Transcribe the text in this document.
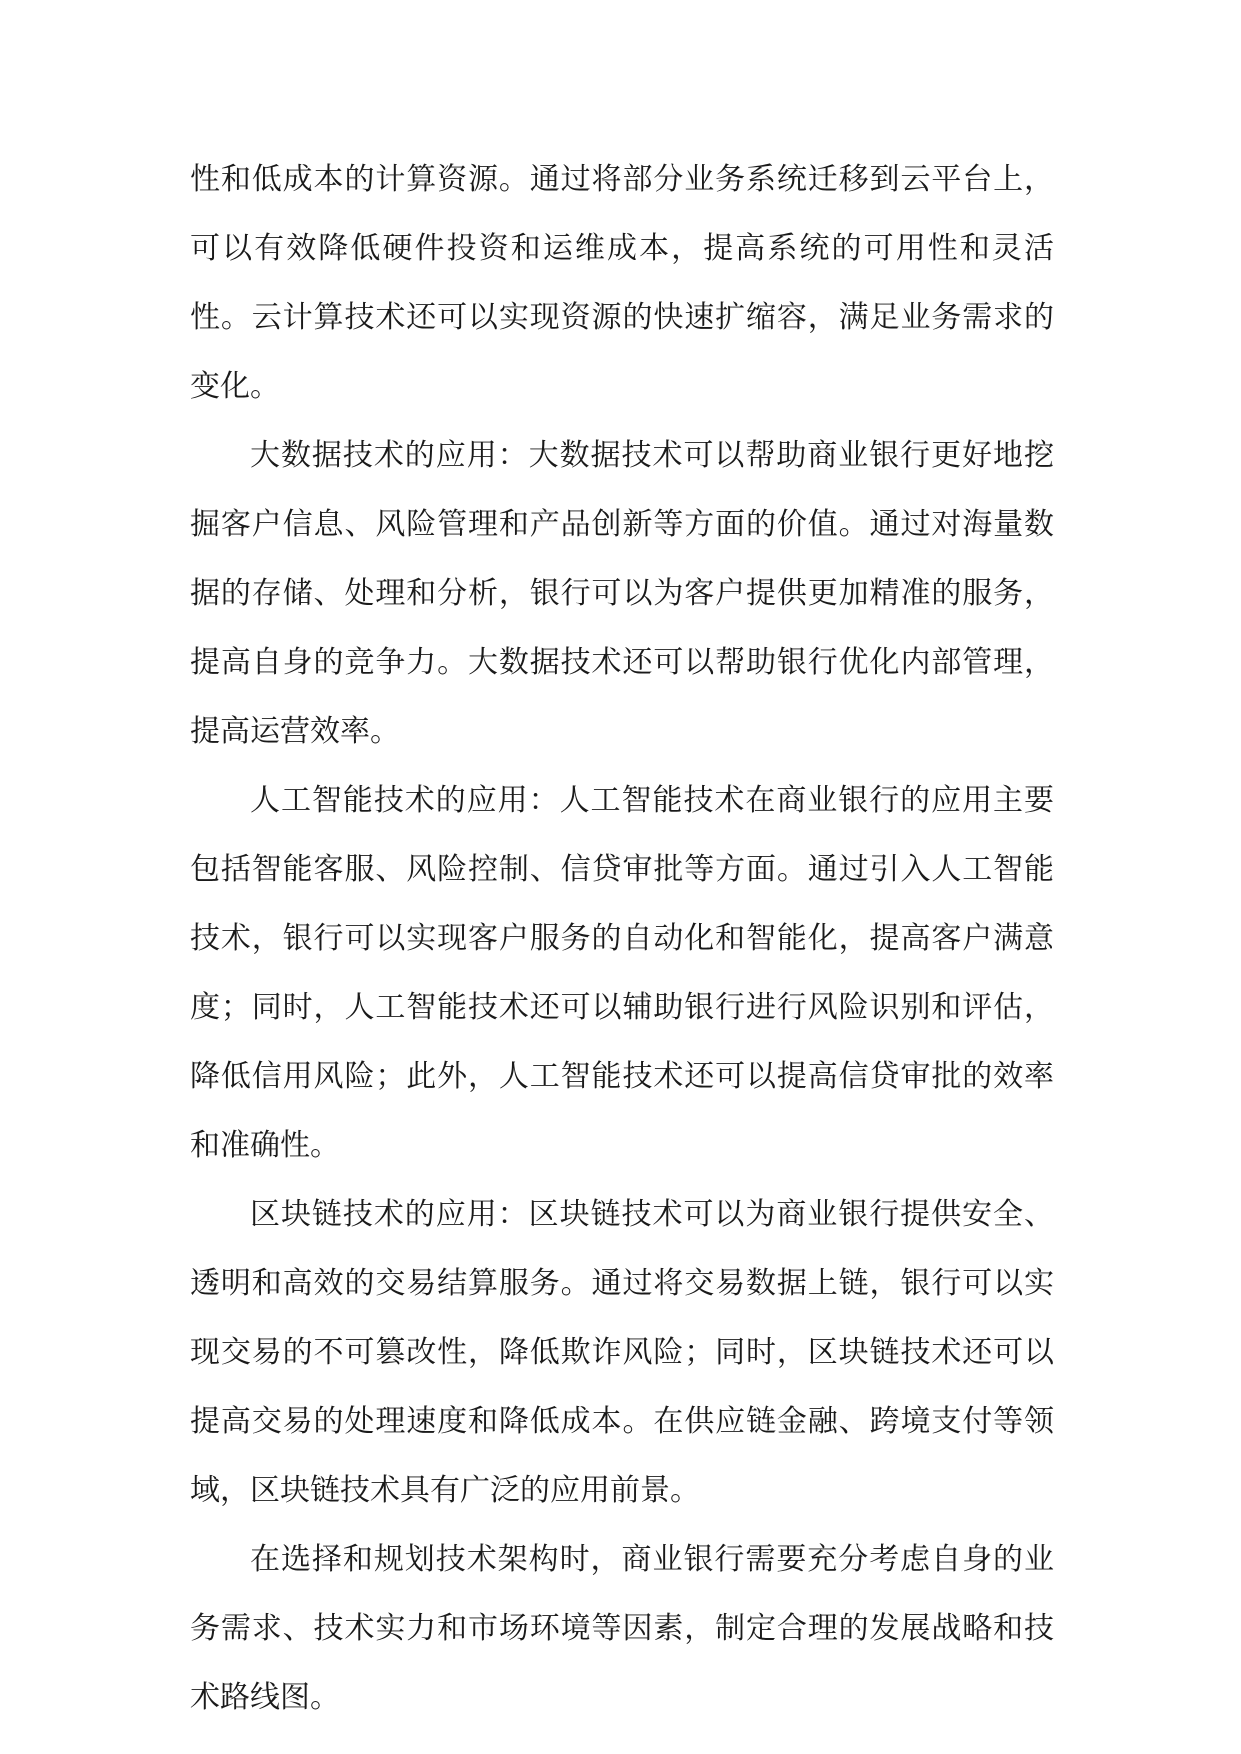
性和低成本的计算资源。通过将部分业务系统迁移到云平台上，可以有效降低硬件投资和运维成本，提高系统的可用性和灵活性。云计算技术还可以实现资源的快速扩缩容，满足业务需求的变化。

大数据技术的应用：大数据技术可以帮助商业银行更好地挖掘客户信息、风险管理和产品创新等方面的价值。通过对海量数据的存储、处理和分析，银行可以为客户提供更加精准的服务，提高自身的竞争力。大数据技术还可以帮助银行优化内部管理，提高运营效率。

人工智能技术的应用：人工智能技术在商业银行的应用主要包括智能客服、风险控制、信贷审批等方面。通过引入人工智能技术，银行可以实现客户服务的自动化和智能化，提高客户满意度；同时，人工智能技术还可以辅助银行进行风险识别和评估，降低信用风险；此外，人工智能技术还可以提高信贷审批的效率和准确性。

区块链技术的应用：区块链技术可以为商业银行提供安全、透明和高效的交易结算服务。通过将交易数据上链，银行可以实现交易的不可篡改性，降低欺诈风险；同时，区块链技术还可以提高交易的处理速度和降低成本。在供应链金融、跨境支付等领域，区块链技术具有广泛的应用前景。

在选择和规划技术架构时，商业银行需要充分考虑自身的业务需求、技术实力和市场环境等因素，制定合理的发展战略和技术路线图。
